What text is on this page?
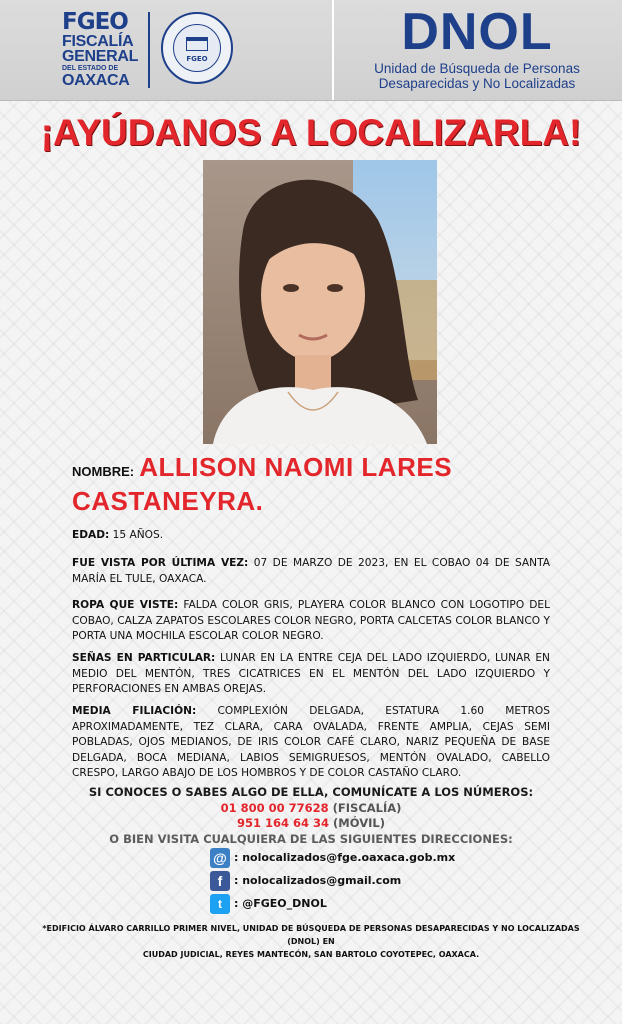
FGEO
FISCALÍA
GENERAL
DEL ESTADO DE
OAXACA
FGEO	DNOL
Unidad de Búsqueda de Personas
Desaparecidas y No Localizadas
¡AYÚDANOS A LOCALIZARLA!
NOMBRE: ALLISON NAOMI LARES
CASTANEYRA.
EDAD: 15 AÑOS.
FUE VISTA POR ÚLTIMA VEZ: 07 DE MARZO DE 2023, EN EL COBAO 04 DE SANTA MARÍA EL TULE, OAXACA.
ROPA QUE VISTE: FALDA COLOR GRIS, PLAYERA COLOR BLANCO CON LOGOTIPO DEL COBAO, CALZA ZAPATOS ESCOLARES COLOR NEGRO, PORTA CALCETAS COLOR BLANCO Y PORTA UNA MOCHILA ESCOLAR COLOR NEGRO.
SEÑAS EN PARTICULAR: LUNAR EN LA ENTRE CEJA DEL LADO IZQUIERDO, LUNAR EN MEDIO DEL MENTÓN, TRES CICATRICES EN EL MENTÓN DEL LADO IZQUIERDO Y PERFORACIONES EN AMBAS OREJAS.
MEDIA FILIACIÓN: COMPLEXIÓN DELGADA, ESTATURA 1.60 METROS APROXIMADAMENTE, TEZ CLARA, CARA OVALADA, FRENTE AMPLIA, CEJAS SEMI POBLADAS, OJOS MEDIANOS, DE IRIS COLOR CAFÉ CLARO, NARIZ PEQUEÑA DE BASE DELGADA, BOCA MEDIANA, LABIOS SEMIGRUESOS, MENTÓN OVALADO, CABELLO CRESPO, LARGO ABAJO DE LOS HOMBROS Y DE COLOR CASTAÑO CLARO.
SI CONOCES O SABES ALGO DE ELLA, COMUNÍCATE A LOS NÚMEROS:
01 800 00 77628 (FISCALÍA)
951 164 64 34 (MÓVIL)
O BIEN VISITA CUALQUIERA DE LAS SIGUIENTES DIRECCIONES:
@ : nolocalizados@fge.oaxaca.gob.mx
f	: nolocalizados@gmail.com
t	: @FGEO_DNOL
*EDIFICIO ÁLVARO CARRILLO PRIMER NIVEL, UNIDAD DE BÚSQUEDA DE PERSONAS DESAPARECIDAS Y NO LOCALIZADAS (DNOL) EN
CIUDAD JUDICIAL, REYES MANTECÓN, SAN BARTOLO COYOTEPEC, OAXACA.
